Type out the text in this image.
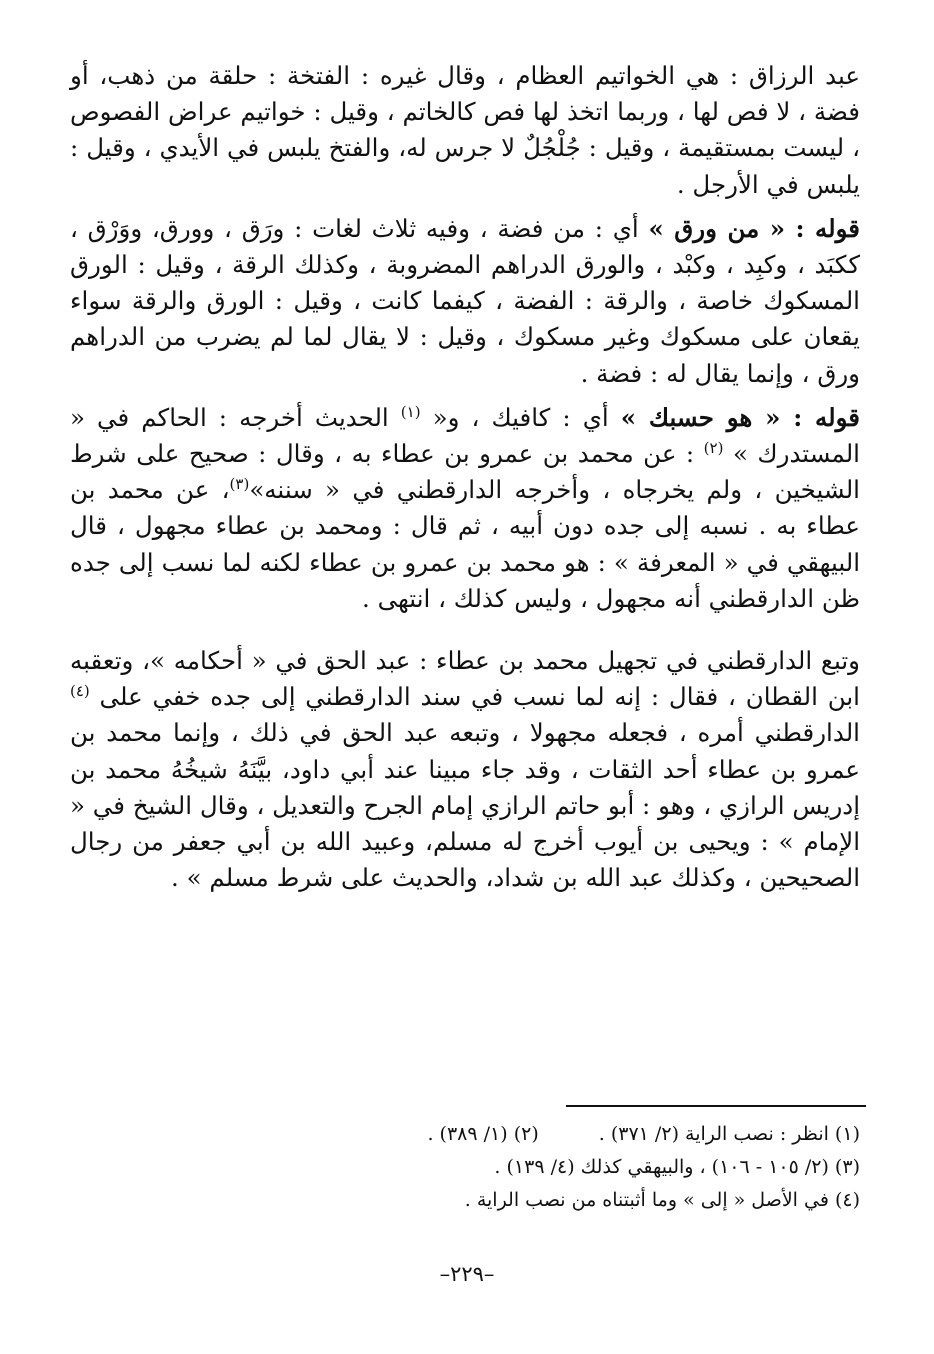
عبد الرزاق : هي الخواتيم العظام ، وقال غيره : الفتخة : حلقة من ذهب، أو فضة ، لا فص لها ، وربما اتخذ لها فص كالخاتم ، وقيل : خواتيم عراض الفصوص ، ليست بمستقيمة ، وقيل : جُلْجُلٌ لا جرس له، والفتخ يلبس في الأيدي ، وقيل : يلبس في الأرجل .

قوله : « من ورق » أي : من فضة ، وفيه ثلاث لغات : ورَق ، وورق، ووَرْق ، ككبَد ، وكبِد ، وكبْد ، والورق الدراهم المضروبة ، وكذلك الرقة ، وقيل : الورق المسكوك خاصة ، والرقة : الفضة ، كيفما كانت ، وقيل : الورق والرقة سواء يقعان على مسكوك وغير مسكوك ، وقيل : لا يقال لما لم يضرب من الدراهم ورق ، وإنما يقال له : فضة .

قوله : « هو حسبك » أي : كافيك ، و« $^{(١)}$ الحديث أخرجه : الحاكم في « المستدرك » $^{(٢)}$ : عن محمد بن عمرو بن عطاء به ، وقال : صحيح على شرط الشيخين ، ولم يخرجاه ، وأخرجه الدارقطني في « سننه»$^{(٣)}$، عن محمد بن عطاء به . نسبه إلى جده دون أبيه ، ثم قال : ومحمد بن عطاء مجهول ، قال البيهقي في « المعرفة » : هو محمد بن عمرو بن عطاء لكنه لما نسب إلى جده ظن الدارقطني أنه مجهول ، وليس كذلك ، انتهى .

وتبع الدارقطني في تجهيل محمد بن عطاء : عبد الحق في « أحكامه »، وتعقبه ابن القطان ، فقال : إنه لما نسب في سند الدارقطني إلى جده خفي على $^{(٤)}$ الدارقطني أمره ، فجعله مجهولا ، وتبعه عبد الحق في ذلك ، وإنما محمد بن عمرو بن عطاء أحد الثقات ، وقد جاء مبينا عند أبي داود، بيَّنَهُ شيخُهُ محمد بن إدريس الرازي ، وهو : أبو حاتم الرازي إمام الجرح والتعديل ، وقال الشيخ في « الإمام » : ويحيى بن أيوب أخرج له مسلم، وعبيد الله بن أبي جعفر من رجال الصحيحين ، وكذلك عبد الله بن شداد، والحديث على شرط مسلم » .

(١) انظر : نصب الراية (٢/ ٣٧١) .(٢) (١/ ٣٨٩) .
(٣) (٢/ ١٠٥ - ١٠٦) ، والبيهقي كذلك (٤/ ١٣٩) .
(٤) في الأصل « إلى » وما أثبتناه من نصب الراية .
–٢٢٩–
